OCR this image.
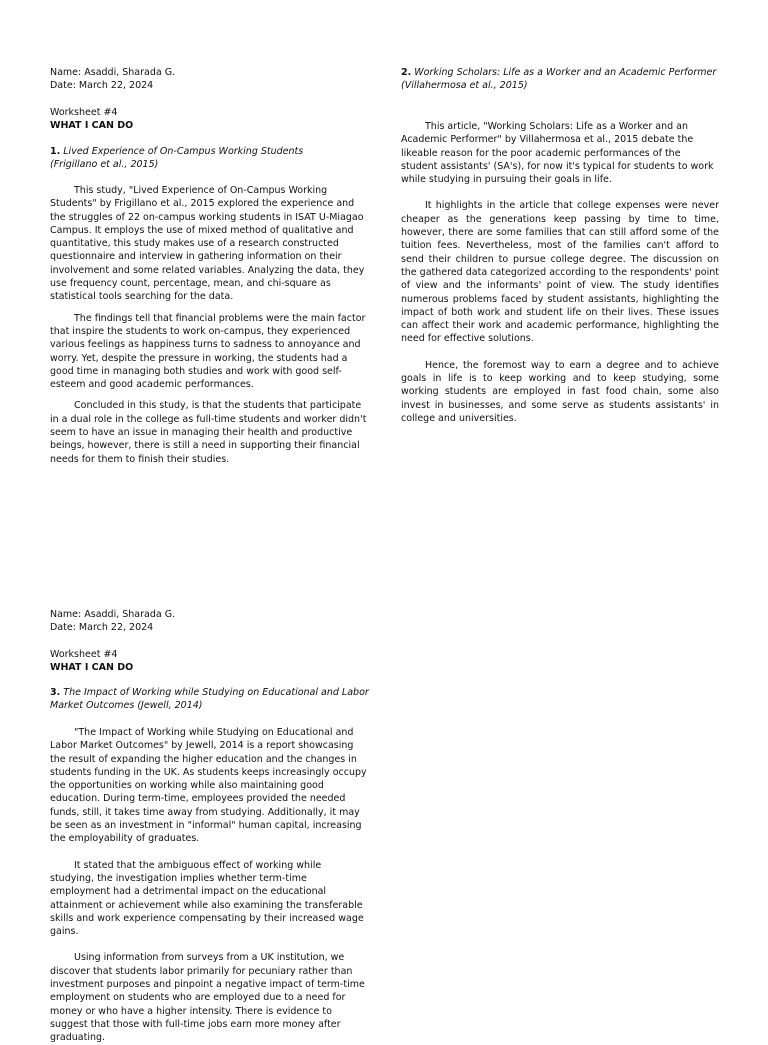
Name: Asaddi, Sharada G.

Date: March 22, 2024

Worksheet #4

WHAT I CAN DO

1. Lived Experience of On-Campus Working Students

(Frigillano et al., 2015)

This study, "Lived Experience of On-Campus Working Students" by Frigillano et al., 2015 explored the experience and the struggles of 22 on-campus working students in ISAT U-Miagao Campus. It employs the use of mixed method of qualitative and quantitative, this study makes use of a research constructed questionnaire and interview in gathering information on their involvement and some related variables. Analyzing the data, they use frequency count, percentage, mean, and chi-square as statistical tools searching for the data.

The findings tell that financial problems were the main factor that inspire the students to work on-campus, they experienced various feelings as happiness turns to sadness to annoyance and worry. Yet, despite the pressure in working, the students had a good time in managing both studies and work with good self-esteem and good academic performances.

Concluded in this study, is that the students that participate in a dual role in the college as full-time students and worker didn't seem to have an issue in managing their health and productive beings, however, there is still a need in supporting their financial needs for them to finish their studies.

2. Working Scholars: Life as a Worker and an Academic Performer

(Villahermosa et al., 2015)

This article, "Working Scholars: Life as a Worker and an Academic Performer" by Villahermosa et al., 2015 debate the likeable reason for the poor academic performances of the student assistants' (SA's), for now it's typical for students to work while studying in pursuing their goals in life.

It highlights in the article that college expenses were never cheaper as the generations keep passing by time to time, however, there are some families that can still afford some of the tuition fees. Nevertheless, most of the families can't afford to send their children to pursue college degree. The discussion on the gathered data categorized according to the respondents' point of view and the informants' point of view. The study identifies numerous problems faced by student assistants, highlighting the impact of both work and student life on their lives. These issues can affect their work and academic performance, highlighting the need for effective solutions.

Hence, the foremost way to earn a degree and to achieve goals in life is to keep working and to keep studying, some working students are employed in fast food chain, some also invest in businesses, and some serve as students assistants' in college and universities.

Name: Asaddi, Sharada G.

Date: March 22, 2024

Worksheet #4

WHAT I CAN DO

3. The Impact of Working while Studying on Educational and Labor

Market Outcomes (Jewell, 2014)

"The Impact of Working while Studying on Educational and Labor Market Outcomes" by Jewell, 2014 is a report showcasing the result of expanding the higher education and the changes in students funding in the UK. As students keeps increasingly occupy the opportunities on working while also maintaining good education. During term-time, employees provided the needed funds, still, it takes time away from studying. Additionally, it may be seen as an investment in "informal" human capital, increasing the employability of graduates.

It stated that the ambiguous effect of working while studying, the investigation implies whether term-time employment had a detrimental impact on the educational attainment or achievement while also examining the transferable skills and work experience compensating by their increased wage gains.

Using information from surveys from a UK institution, we discover that students labor primarily for pecuniary rather than investment purposes and pinpoint a negative impact of term-time employment on students who are employed due to a need for money or who have a higher intensity. There is evidence to suggest that those with full-time jobs earn more money after graduating.
